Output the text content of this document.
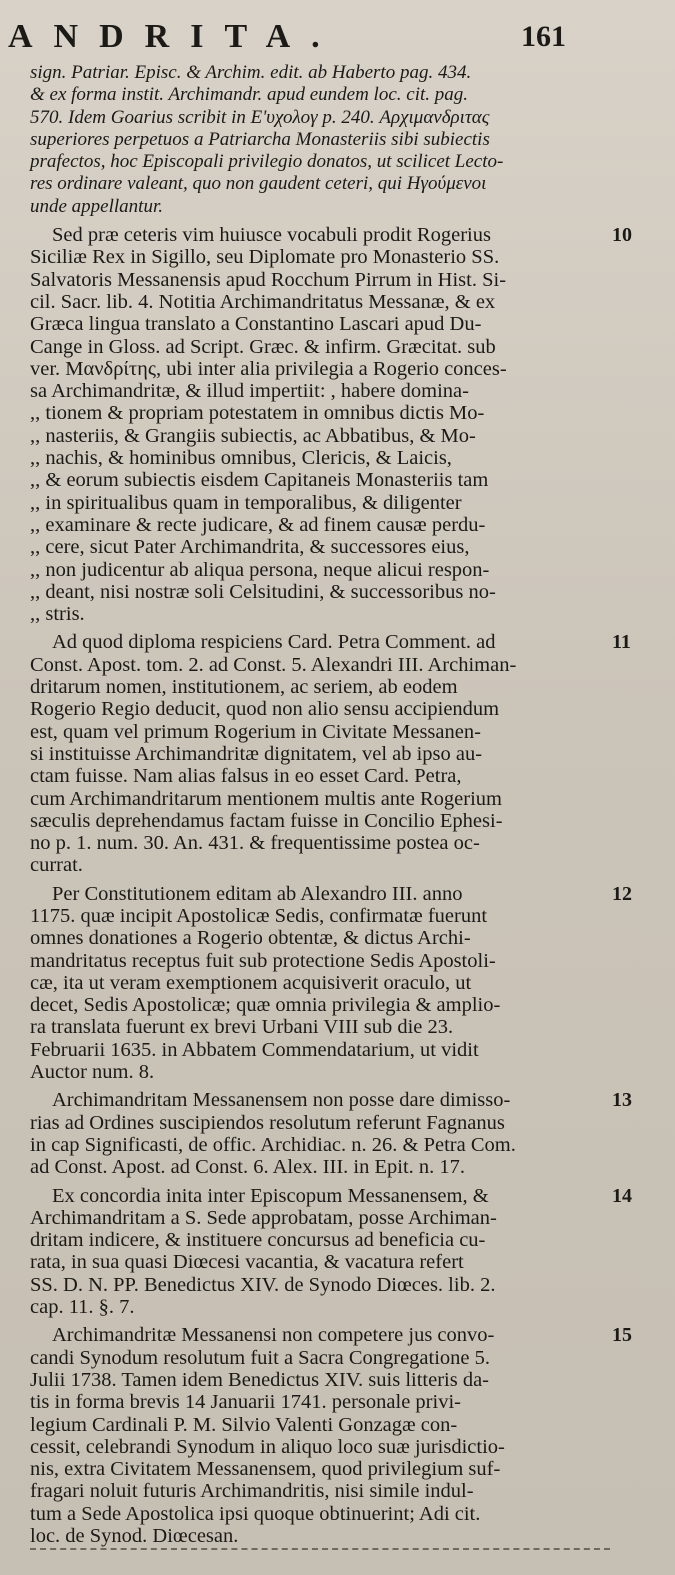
ANDRITA.	161
sign. Patriar. Episc. & Archim. edit. ab Haberto pag. 434.
& ex forma instit. Archimandr. apud eundem loc. cit. pag.
570. Idem Goarius scribit in E'υχολογ p. 240. Αρχιμανδριτας
superiores perpetuos a Patriarcha Monasteriis sibi subiectis
prafectos, hoc Episcopali privilegio donatos, ut scilicet Lecto-
res ordinare valeant, quo non gaudent ceteri, qui Ηγούμενοι
unde appellantur.
10
Sed præ ceteris vim huiusce vocabuli prodit Rogerius
Siciliæ Rex in Sigillo, seu Diplomate pro Monasterio SS.
Salvatoris Messanensis apud Rocchum Pirrum in Hist. Si-
cil. Sacr. lib. 4. Notitia Archimandritatus Messanæ, & ex
Græca lingua translato a Constantino Lascari apud Du-
Cange in Gloss. ad Script. Græc. & infirm. Græcitat. sub
ver. Μανδρίτης, ubi inter alia privilegia a Rogerio conces-
sa Archimandritæ, & illud impertiit: , habere domina-
,, tionem & propriam potestatem in omnibus dictis Mo-
,, nasteriis, & Grangiis subiectis, ac Abbatibus, & Mo-
,, nachis, & hominibus omnibus, Clericis, & Laicis,
,, & eorum subiectis eisdem Capitaneis Monasteriis tam
,, in spiritualibus quam in temporalibus, & diligenter
,, examinare & recte judicare, & ad finem causæ perdu-
,, cere, sicut Pater Archimandrita, & successores eius,
,, non judicentur ab aliqua persona, neque alicui respon-
,, deant, nisi nostræ soli Celsitudini, & successoribus no-
,, stris.
11
Ad quod diploma respiciens Card. Petra Comment. ad
Const. Apost. tom. 2. ad Const. 5. Alexandri III. Archiman-
dritarum nomen, institutionem, ac seriem, ab eodem
Rogerio Regio deducit, quod non alio sensu accipiendum
est, quam vel primum Rogerium in Civitate Messanen-
si instituisse Archimandritæ dignitatem, vel ab ipso au-
ctam fuisse. Nam alias falsus in eo esset Card. Petra,
cum Archimandritarum mentionem multis ante Rogerium
sæculis deprehendamus factam fuisse in Concilio Ephesi-
no p. 1. num. 30. An. 431. & frequentissime postea oc-
currat.
12
Per Constitutionem editam ab Alexandro III. anno
1175. quæ incipit Apostolicæ Sedis, confirmatæ fuerunt
omnes donationes a Rogerio obtentæ, & dictus Archi-
mandritatus receptus fuit sub protectione Sedis Apostoli-
cæ, ita ut veram exemptionem acquisiverit oraculo, ut
decet, Sedis Apostolicæ; quæ omnia privilegia & amplio-
ra translata fuerunt ex brevi Urbani VIII sub die 23.
Februarii 1635. in Abbatem Commendatarium, ut vidit
Auctor num. 8.
13
Archimandritam Messanensem non posse dare dimisso-
rias ad Ordines suscipiendos resolutum referunt Fagnanus
in cap Significasti, de offic. Archidiac. n. 26. & Petra Com.
ad Const. Apost. ad Const. 6. Alex. III. in Epit. n. 17.
14
Ex concordia inita inter Episcopum Messanensem, &
Archimandritam a S. Sede approbatam, posse Archiman-
dritam indicere, & instituere concursus ad beneficia cu-
rata, in sua quasi Diœcesi vacantia, & vacatura refert
SS. D. N. PP. Benedictus XIV. de Synodo Diœces. lib. 2.
cap. 11. §. 7.
15
Archimandritæ Messanensi non competere jus convo-
candi Synodum resolutum fuit a Sacra Congregatione 5.
Julii 1738. Tamen idem Benedictus XIV. suis litteris da-
tis in forma brevis 14 Januarii 1741. personale privi-
legium Cardinali P. M. Silvio Valenti Gonzagæ con-
cessit, celebrandi Synodum in aliquo loco suæ jurisdictio-
nis, extra Civitatem Messanensem, quod privilegium suf-
fragari noluit futuris Archimandritis, nisi simile indul-
tum a Sede Apostolica ipsi quoque obtinuerint; Adi cit.
loc. de Synod. Diœcesan.
